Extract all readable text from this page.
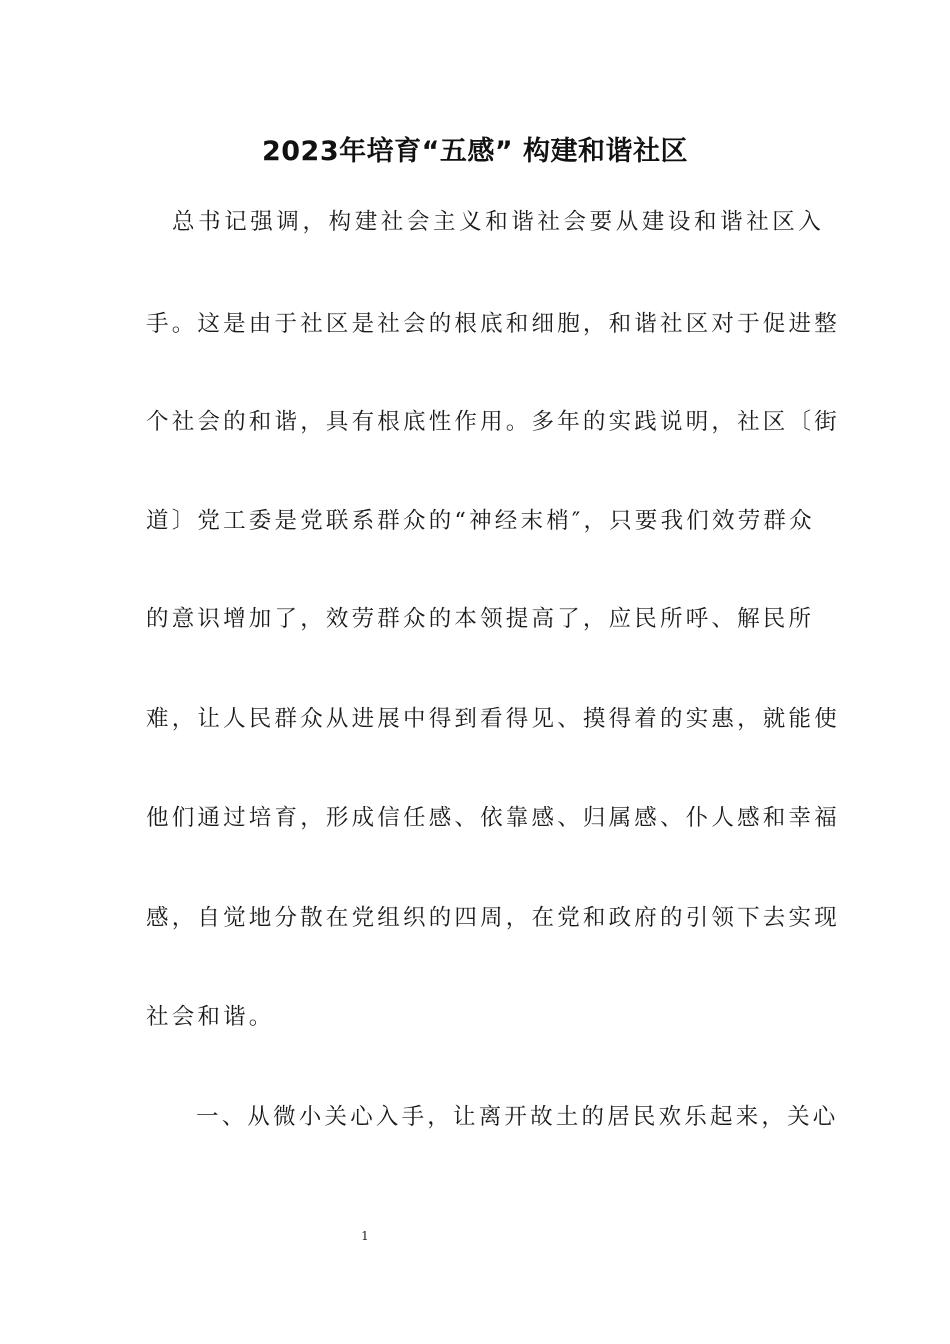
2023年培育“五感” 构建和谐社区
总书记强调，构建社会主义和谐社会要从建设和谐社区入
手。这是由于社区是社会的根底和细胞，和谐社区对于促进整
个社会的和谐，具有根底性作用。多年的实践说明，社区〔街
道〕党工委是党联系群众的“神经末梢″，只要我们效劳群众
的意识增加了，效劳群众的本领提高了，应民所呼、解民所
难，让人民群众从进展中得到看得见、摸得着的实惠，就能使
他们通过培育，形成信任感、依靠感、归属感、仆人感和幸福
感，自觉地分散在党组织的四周，在党和政府的引领下去实现
社会和谐。
一、从微小关心入手，让离开故土的居民欢乐起来，关心
1
